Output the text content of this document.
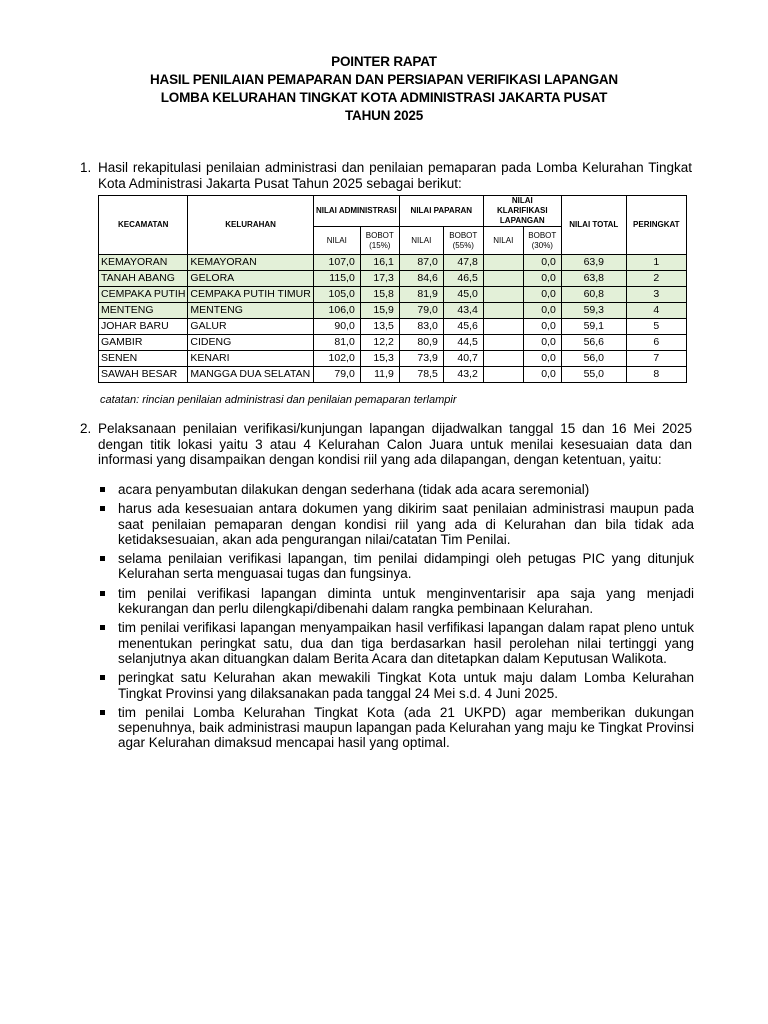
POINTER RAPAT
HASIL PENILAIAN PEMAPARAN DAN PERSIAPAN VERIFIKASI LAPANGAN
LOMBA KELURAHAN TINGKAT KOTA ADMINISTRASI JAKARTA PUSAT
TAHUN 2025
1. Hasil rekapitulasi penilaian administrasi dan penilaian pemaparan pada Lomba Kelurahan Tingkat Kota Administrasi Jakarta Pusat Tahun 2025 sebagai berikut:
KECAMATAN	KELURAHAN	NILAI ADMINISTRASI		NILAI PAPARAN		NILAI KLARIFIKASI LAPANGAN		NILAI TOTAL	PERINGKAT
		NILAI	BOBOT (15%)	NILAI	BOBOT (55%)	NILAI	BOBOT (30%)		
KEMAYORAN	KEMAYORAN	107,0	16,1	87,0	47,8		0,0	63,9	1
TANAH ABANG	GELORA	115,0	17,3	84,6	46,5		0,0	63,8	2
CEMPAKA PUTIH	CEMPAKA PUTIH TIMUR	105,0	15,8	81,9	45,0		0,0	60,8	3
MENTENG	MENTENG	106,0	15,9	79,0	43,4		0,0	59,3	4
JOHAR BARU	GALUR	90,0	13,5	83,0	45,6		0,0	59,1	5
GAMBIR	CIDENG	81,0	12,2	80,9	44,5		0,0	56,6	6
SENEN	KENARI	102,0	15,3	73,9	40,7		0,0	56,0	7
SAWAH BESAR	MANGGA DUA SELATAN	79,0	11,9	78,5	43,2		0,0	55,0	8
catatan: rincian penilaian administrasi dan penilaian pemaparan terlampir
2. Pelaksanaan penilaian verifikasi/kunjungan lapangan dijadwalkan tanggal 15 dan 16 Mei 2025 dengan titik lokasi yaitu 3 atau 4 Kelurahan Calon Juara untuk menilai kesesuaian data dan informasi yang disampaikan dengan kondisi riil yang ada dilapangan, dengan ketentuan, yaitu:
acara penyambutan dilakukan dengan sederhana (tidak ada acara seremonial)
harus ada kesesuaian antara dokumen yang dikirim saat penilaian administrasi maupun pada saat penilaian pemaparan dengan kondisi riil yang ada di Kelurahan dan bila tidak ada ketidaksesuaian, akan ada pengurangan nilai/catatan Tim Penilai.
selama penilaian verifikasi lapangan, tim penilai didampingi oleh petugas PIC yang ditunjuk Kelurahan serta menguasai tugas dan fungsinya.
tim penilai verifikasi lapangan diminta untuk menginventarisir apa saja yang menjadi kekurangan dan perlu dilengkapi/dibenahi dalam rangka pembinaan Kelurahan.
tim penilai verifikasi lapangan menyampaikan hasil verfifikasi lapangan dalam rapat pleno untuk menentukan peringkat satu, dua dan tiga berdasarkan hasil perolehan nilai tertinggi yang selanjutnya akan dituangkan dalam Berita Acara dan ditetapkan dalam Keputusan Walikota.
peringkat satu Kelurahan akan mewakili Tingkat Kota untuk maju dalam Lomba Kelurahan Tingkat Provinsi yang dilaksanakan pada tanggal 24 Mei s.d. 4 Juni 2025.
tim penilai Lomba Kelurahan Tingkat Kota (ada 21 UKPD) agar memberikan dukungan sepenuhnya, baik administrasi maupun lapangan pada Kelurahan yang maju ke Tingkat Provinsi agar Kelurahan dimaksud mencapai hasil yang optimal.
